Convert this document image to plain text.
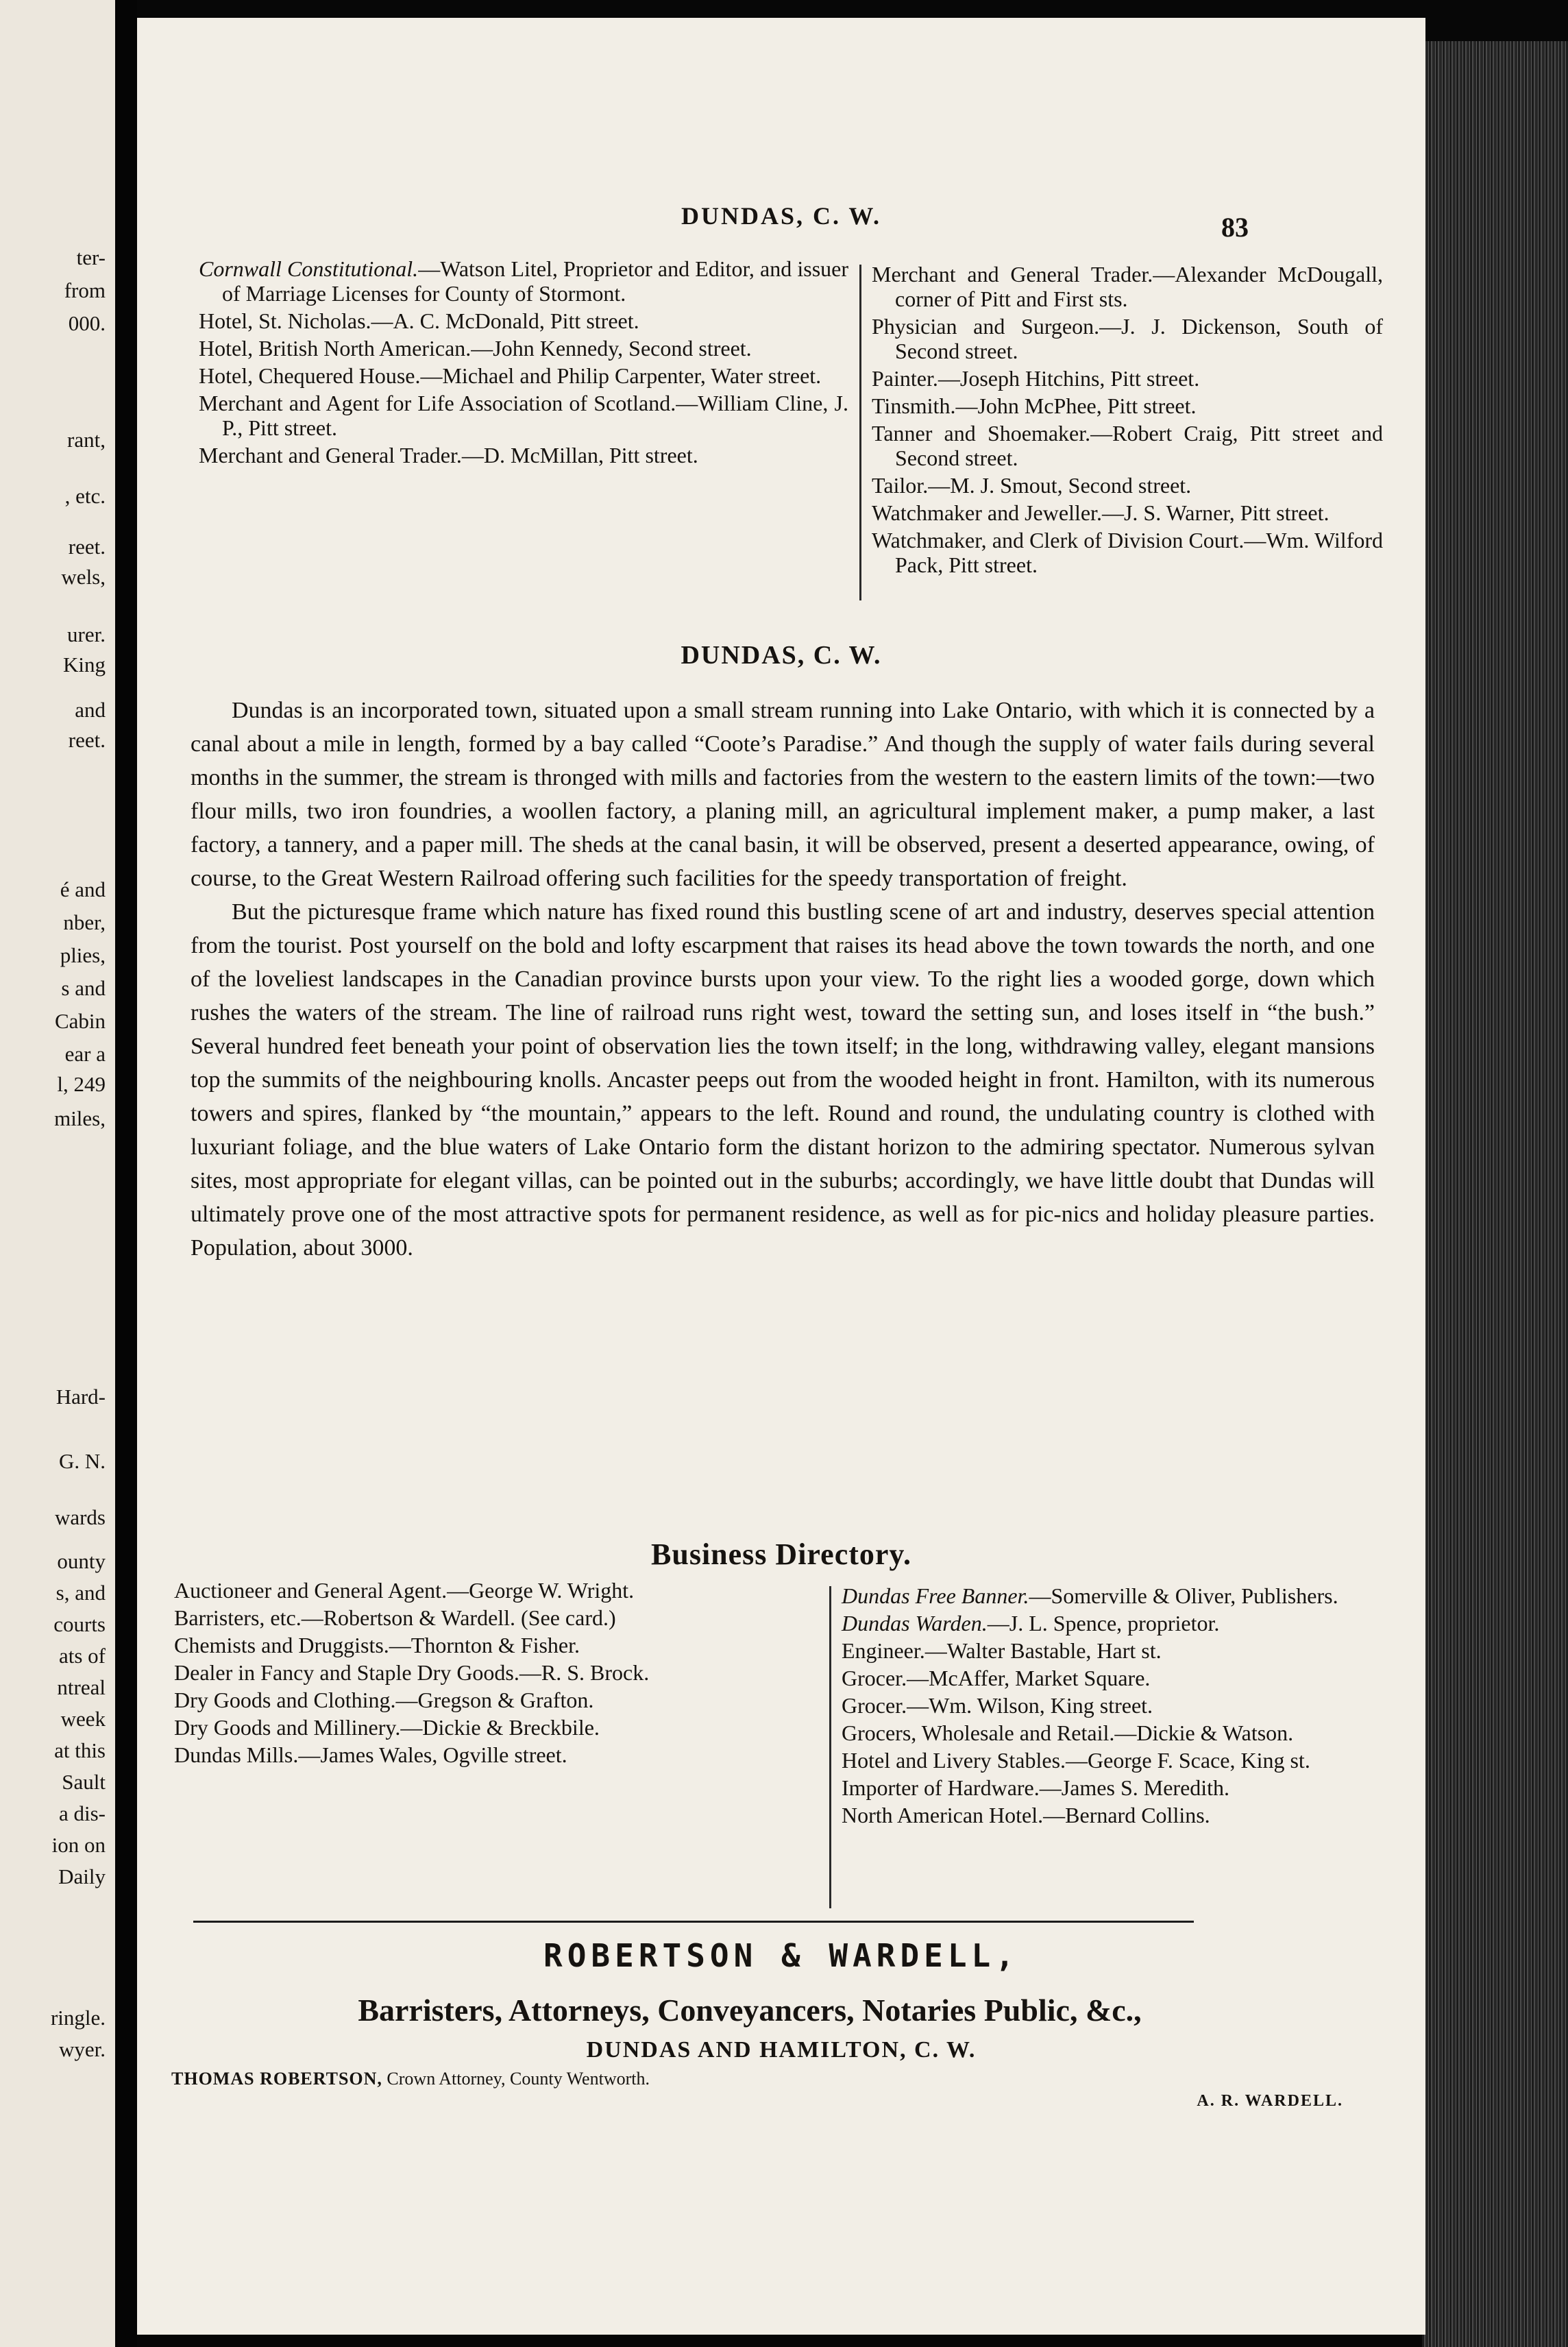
ter-
from
000.
rant,
, etc.
reet.
wels,
urer.
King
and
reet.
é and
nber,
plies,
s and
Cabin
ear a
l, 249
miles,
Hard-
G. N.
wards
ounty
s, and
courts
ats of
ntreal
week
at this
Sault
a dis-
ion on
Daily
ringle.
wyer.
DUNDAS, C. W.	83
Cornwall Constitutional.—Watson Litel, Proprietor and Editor, and issuer of Marriage Licenses for County of Stormont.
Hotel, St. Nicholas.—A. C. McDonald, Pitt street.
Hotel, British North American.—John Kennedy, Second street.
Hotel, Chequered House.—Michael and Philip Carpenter, Water street.
Merchant and Agent for Life Association of Scotland.—William Cline, J. P., Pitt street.
Merchant and General Trader.—D. McMillan, Pitt street.
Merchant and General Trader.—Alexander McDougall, corner of Pitt and First sts.
Physician and Surgeon.—J. J. Dickenson, South of Second street.
Painter.—Joseph Hitchins, Pitt street.
Tinsmith.—John McPhee, Pitt street.
Tanner and Shoemaker.—Robert Craig, Pitt street and Second street.
Tailor.—M. J. Smout, Second street.
Watchmaker and Jeweller.—J. S. Warner, Pitt street.
Watchmaker, and Clerk of Division Court.—Wm. Wilford Pack, Pitt street.
DUNDAS, C. W.

Dundas is an incorporated town, situated upon a small stream running into Lake Ontario, with which it is connected by a canal about a mile in length, formed by a bay called “Coote’s Paradise.” And though the supply of water fails during several months in the summer, the stream is thronged with mills and factories from the western to the eastern limits of the town:—two flour mills, two iron foundries, a woollen factory, a planing mill, an agricultural implement maker, a pump maker, a last factory, a tannery, and a paper mill. The sheds at the canal basin, it will be observed, present a deserted appearance, owing, of course, to the Great Western Railroad offering such facilities for the speedy transportation of freight.

But the picturesque frame which nature has fixed round this bustling scene of art and industry, deserves special attention from the tourist. Post yourself on the bold and lofty escarpment that raises its head above the town towards the north, and one of the loveliest landscapes in the Canadian province bursts upon your view. To the right lies a wooded gorge, down which rushes the waters of the stream. The line of railroad runs right west, toward the setting sun, and loses itself in “the bush.” Several hundred feet beneath your point of observation lies the town itself; in the long, withdrawing valley, elegant mansions top the summits of the neighbouring knolls. Ancaster peeps out from the wooded height in front. Hamilton, with its numerous towers and spires, flanked by “the mountain,” appears to the left. Round and round, the undulating country is clothed with luxuriant foliage, and the blue waters of Lake Ontario form the distant horizon to the admiring spectator. Numerous sylvan sites, most appropriate for elegant villas, can be pointed out in the suburbs; accordingly, we have little doubt that Dundas will ultimately prove one of the most attractive spots for permanent residence, as well as for pic-nics and holiday pleasure parties. Population, about 3000.

Business Directory.
Auctioneer and General Agent.—George W. Wright.
Barristers, etc.—Robertson & Wardell. (See card.)
Chemists and Druggists.—Thornton & Fisher.
Dealer in Fancy and Staple Dry Goods.—R. S. Brock.
Dry Goods and Clothing.—Gregson & Grafton.
Dry Goods and Millinery.—Dickie & Breckbile.
Dundas Mills.—James Wales, Ogville street.
Dundas Free Banner.—Somerville & Oliver, Publishers.
Dundas Warden.—J. L. Spence, proprietor.
Engineer.—Walter Bastable, Hart st.
Grocer.—McAffer, Market Square.
Grocer.—Wm. Wilson, King street.
Grocers, Wholesale and Retail.—Dickie & Watson.
Hotel and Livery Stables.—George F. Scace, King st.
Importer of Hardware.—James S. Meredith.
North American Hotel.—Bernard Collins.
ROBERTSON & WARDELL,
Barristers, Attorneys, Conveyancers, Notaries Public, &c.,
DUNDAS AND HAMILTON, C. W.
THOMAS ROBERTSON, Crown Attorney, County Wentworth.
A. R. WARDELL.
